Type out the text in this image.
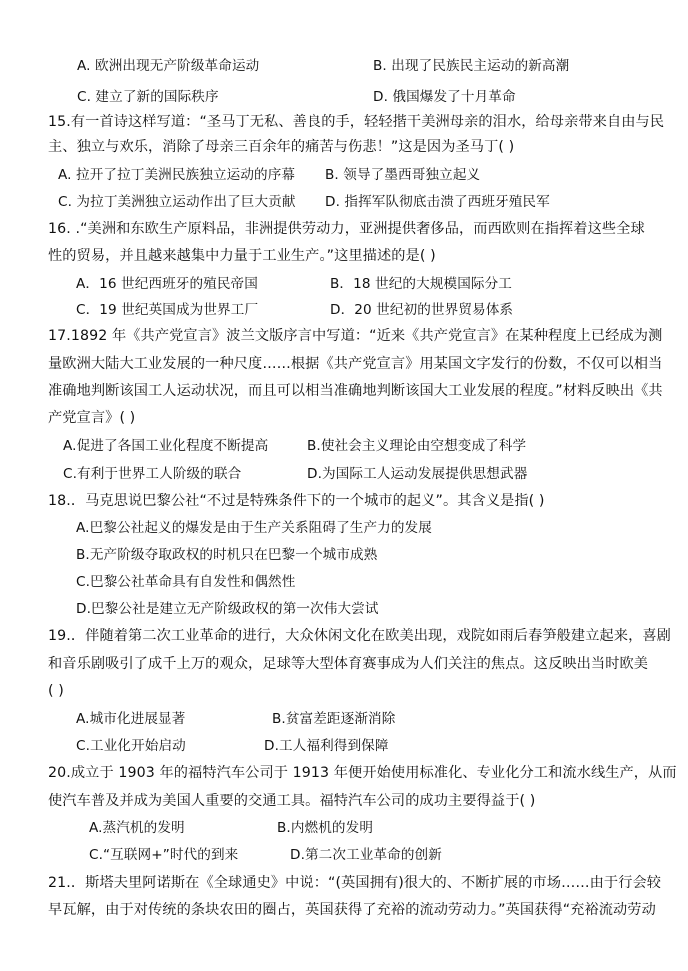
A. 欧洲出现无产阶级革命运动	B. 出现了民族民主运动的新高潮
C. 建立了新的国际秩序	D. 俄国爆发了十月革命
15.有一首诗这样写道：“圣马丁无私、善良的手，轻轻揩干美洲母亲的泪水，给母亲带来自由与民
主、独立与欢乐，消除了母亲三百余年的痛苦与伤悲！”这是因为圣马丁( )
A. 拉开了拉丁美洲民族独立运动的序幕 B. 领导了墨西哥独立起义
C. 为拉丁美洲独立运动作出了巨大贡献 D. 指挥军队彻底击溃了西班牙殖民军
16. .“美洲和东欧生产原料品，非洲提供劳动力，亚洲提供奢侈品，而西欧则在指挥着这些全球
性的贸易，并且越来越集中力量于工业生产。”这里描述的是( )
A．16 世纪西班牙的殖民帝国	B．18 世纪的大规模国际分工
C．19 世纪英国成为世界工厂	D．20 世纪初的世界贸易体系
17.1892 年《共产党宣言》波兰文版序言中写道：“近来《共产党宣言》在某种程度上已经成为测
量欧洲大陆大工业发展的一种尺度……根据《共产党宣言》用某国文字发行的份数，不仅可以相当
准确地判断该国工人运动状况，而且可以相当准确地判断该国大工业发展的程度。”材料反映出《共
产党宣言》( )
A.促进了各国工业化程度不断提高	B.使社会主义理论由空想变成了科学
C.有利于世界工人阶级的联合	D.为国际工人运动发展提供思想武器
18.．马克思说巴黎公社“不过是特殊条件下的一个城市的起义”。其含义是指( )
A.巴黎公社起义的爆发是由于生产关系阻碍了生产力的发展
B.无产阶级夺取政权的时机只在巴黎一个城市成熟
C.巴黎公社革命具有自发性和偶然性
D.巴黎公社是建立无产阶级政权的第一次伟大尝试
19.．伴随着第二次工业革命的进行，大众休闲文化在欧美出现，戏院如雨后春笋般建立起来，喜剧
和音乐剧吸引了成千上万的观众，足球等大型体育赛事成为人们关注的焦点。这反映出当时欧美
( )
A.城市化进展显著	B.贫富差距逐渐消除
C.工业化开始启动	D.工人福利得到保障
20.成立于 1903 年的福特汽车公司于 1913 年便开始使用标准化、专业化分工和流水线生产，从而
使汽车普及并成为美国人重要的交通工具。福特汽车公司的成功主要得益于( )
A.蒸汽机的发明	B.内燃机的发明
C.“互联网+”时代的到来	D.第二次工业革命的创新
21.．斯塔夫里阿诺斯在《全球通史》中说：“(英国拥有)很大的、不断扩展的市场……由于行会较
早瓦解，由于对传统的条块农田的圈占，英国获得了充裕的流动劳动力。”英国获得“充裕流动劳动
